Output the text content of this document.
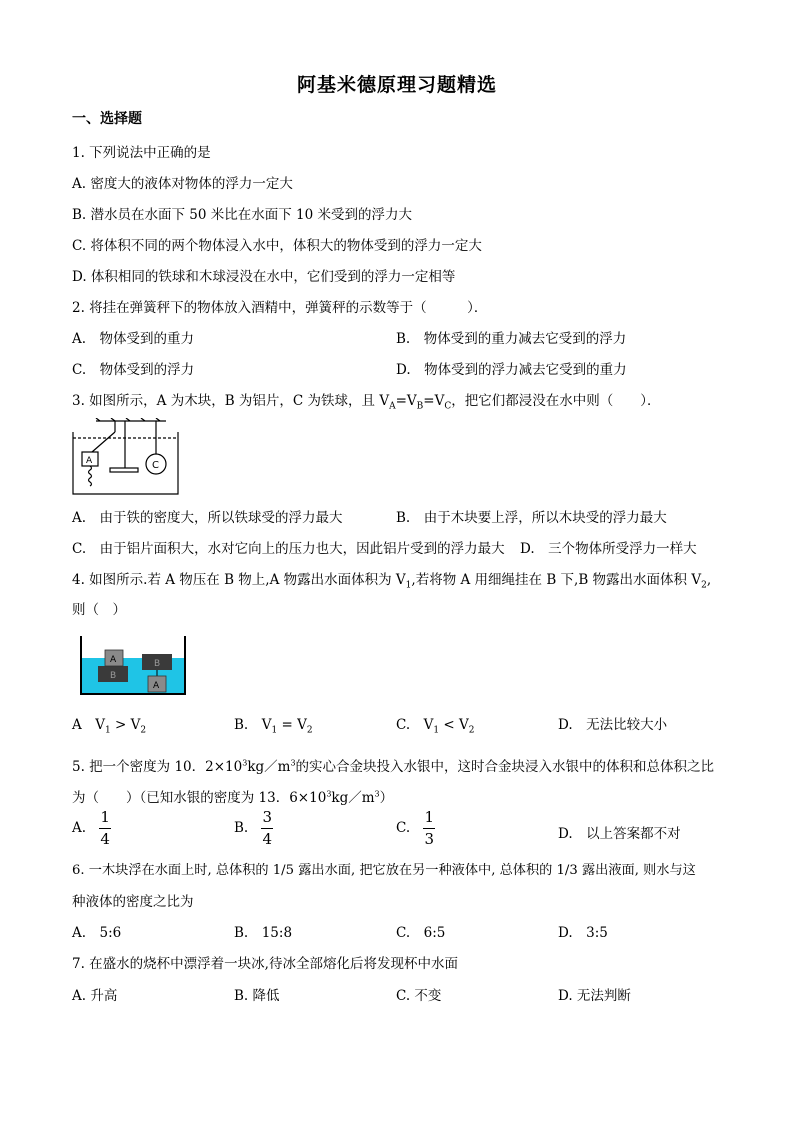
阿基米德原理习题精选
一、选择题
1. 下列说法中正确的是
A. 密度大的液体对物体的浮力一定大
B. 潜水员在水面下 50 米比在水面下 10 米受到的浮力大
C. 将体积不同的两个物体浸入水中，体积大的物体受到的浮力一定大
D. 体积相同的铁球和木球浸没在水中，它们受到的浮力一定相等
2. 将挂在弹簧秤下的物体放入酒精中，弹簧秤的示数等于（　　　）．
A.　物体受到的重力	B.　物体受到的重力减去它受到的浮力
C.　物体受到的浮力	D.　物体受到的浮力减去它受到的重力
3. 如图所示，A 为木块，B 为铝片，C 为铁球，且 $V_A=V_B=V_C$，把它们都浸没在水中则（　　）．
A	C
A.　由于铁的密度大，所以铁球受的浮力最大	B.　由于木块要上浮，所以木块受的浮力最大
C.　由于铝片面积大，水对它向上的压力也大，因此铝片受到的浮力最大 D.　三个物体所受浮力一样大
4. 如图所示.若 A 物压在 B 物上,A 物露出水面体积为 $V_1$,若将物 A 用细绳挂在 B 下,B 物露出水面体积 $V_2$,
则（　）
A
B
B
A
A　$V_1 > V_2$	B.　$V_1 = V_2$	C.　$V_1 < V_2$	D.　无法比较大小
5. 把一个密度为 10．$2\times 10^3kg/m^3$的实心合金块投入水银中，这时合金块浸入水银中的体积和总体积之比
为（　　）（已知水银的密度为 13．$6\times 10^3kg/m^3$）
A. $\frac{1}{4}$	B. $\frac{3}{4}$	C. $\frac{1}{3}$	D.　以上答案都不对
6. 一木块浮在水面上时, 总体积的 1/5 露出水面, 把它放在另一种液体中, 总体积的 1/3 露出液面, 则水与这
种液体的密度之比为
A.　5:6	B.　15:8	C.　6:5	D.　3:5
7. 在盛水的烧杯中漂浮着一块冰,待冰全部熔化后将发现杯中水面
A. 升高	B. 降低	C. 不变	D. 无法判断
